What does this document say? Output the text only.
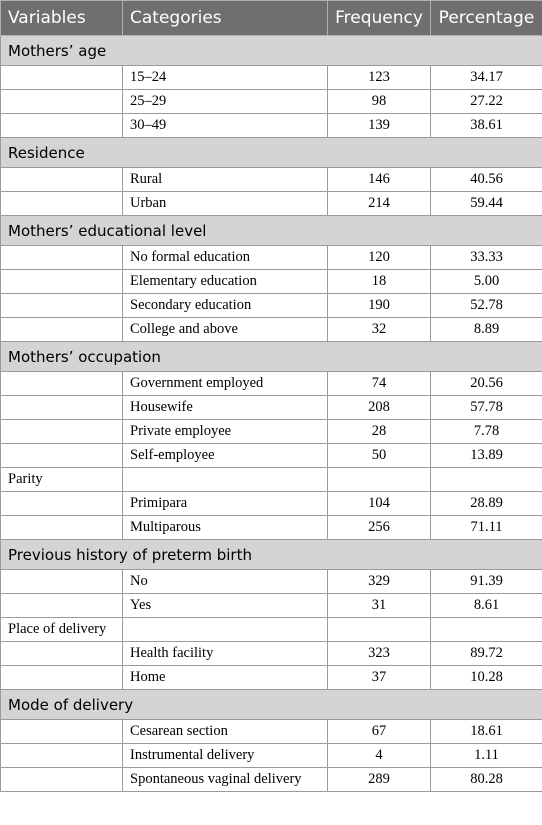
Variables	Categories	Frequency	Percentage
Mothers’ age			
	15–24	123	34.17
	25–29	98	27.22
	30–49	139	38.61
Residence			
	Rural	146	40.56
	Urban	214	59.44
Mothers’ educational level			
	No formal education	120	33.33
	Elementary education	18	5.00
	Secondary education	190	52.78
	College and above	32	8.89
Mothers’ occupation			
	Government employed	74	20.56
	Housewife	208	57.78
	Private employee	28	7.78
	Self-employee	50	13.89
Parity			
	Primipara	104	28.89
	Multiparous	256	71.11
Previous history of preterm birth			
	No	329	91.39
	Yes	31	8.61
Place of delivery			
	Health facility	323	89.72
	Home	37	10.28
Mode of delivery			
	Cesarean section	67	18.61
	Instrumental delivery	4	1.11
	Spontaneous vaginal delivery	289	80.28
